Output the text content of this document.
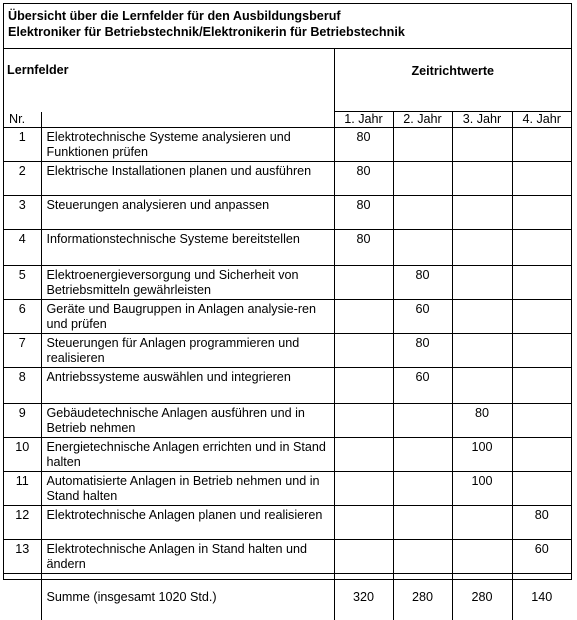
Übersicht über die Lernfelder für den Ausbildungsberuf
Elektroniker für Betriebstechnik/Elektronikerin für Betriebstechnik
Lernfelder		Zeitrichtwerte			
Nr.		1. Jahr	2. Jahr	3. Jahr	4. Jahr
1	Elektrotechnische Systeme analysieren und Funktionen prüfen	80			
2	Elektrische Installationen planen und ausführen	80			
3	Steuerungen analysieren und anpassen	80			
4	Informationstechnische Systeme bereitstellen	80			
5	Elektroenergieversorgung und Sicherheit von Betriebsmitteln gewährleisten		80		
6	Geräte und Baugruppen in Anlagen analysie-ren und prüfen		60		
7	Steuerungen für Anlagen programmieren und realisieren		80		
8	Antriebssysteme auswählen und integrieren		60		
9	Gebäudetechnische Anlagen ausführen und in Betrieb nehmen			80	
10	Energietechnische Anlagen errichten und in Stand halten			100	
11	Automatisierte Anlagen in Betrieb nehmen und in Stand halten			100	
12	Elektrotechnische Anlagen planen und realisieren				80
13	Elektrotechnische Anlagen in Stand halten und ändern				60
	Summe (insgesamt 1020 Std.)	320	280	280	140
